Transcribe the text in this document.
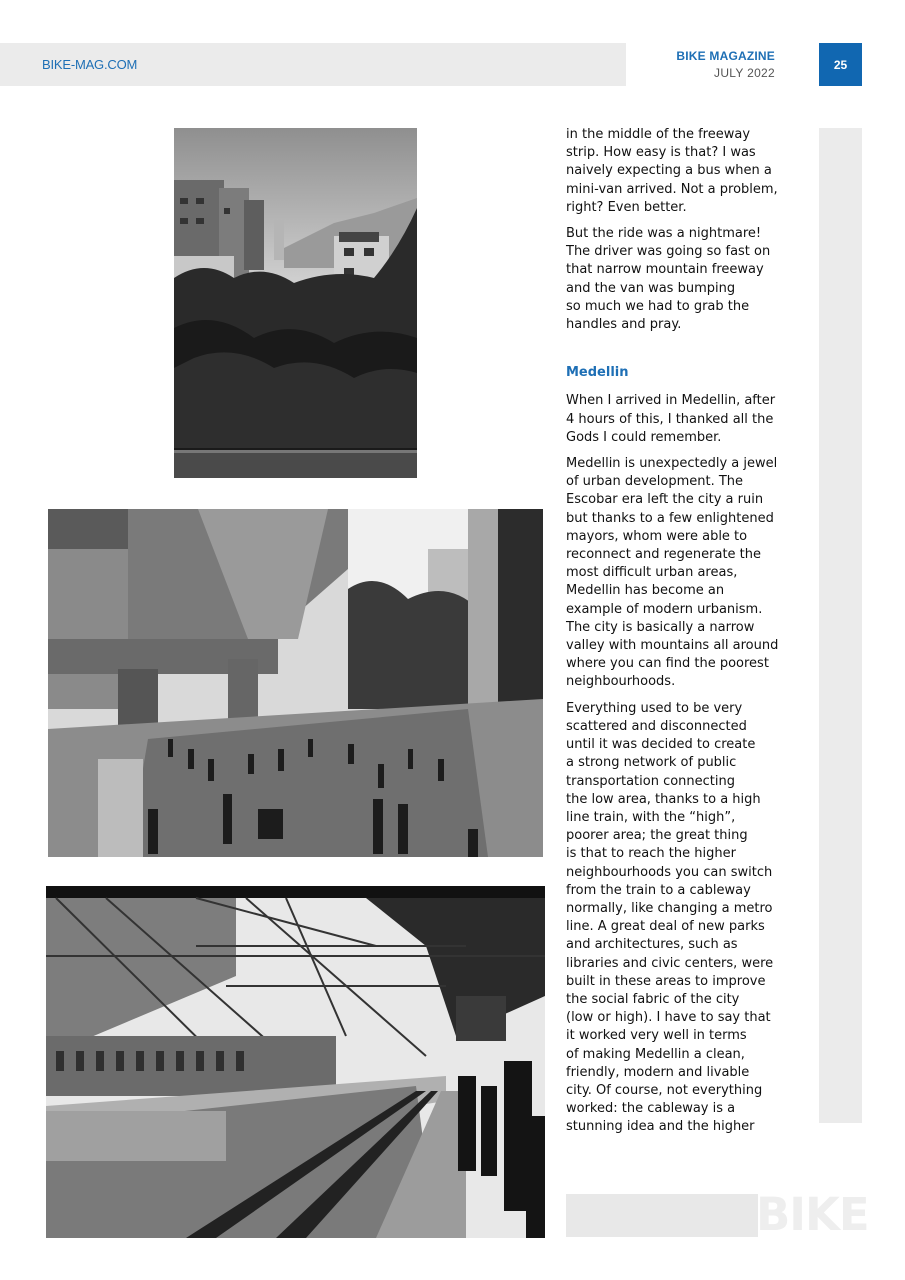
BIKE-MAG.COM
BIKE MAGAZINE
JULY 2022
25

in the middle of the freeway
strip. How easy is that? I was
naively expecting a bus when a
mini-van arrived. Not a problem,
right? Even better.

But the ride was a nightmare!
The driver was going so fast on
that narrow mountain freeway
and the van was bumping
so much we had to grab the
handles and pray.

Medellin

When I arrived in Medellin, after
4 hours of this, I thanked all the
Gods I could remember.

Medellin is unexpectedly a jewel
of urban development. The
Escobar era left the city a ruin
but thanks to a few enlightened
mayors, whom were able to
reconnect and regenerate the
most difficult urban areas,
Medellin has become an
example of modern urbanism.
The city is basically a narrow
valley with mountains all around
where you can find the poorest
neighbourhoods.

Everything used to be very
scattered and disconnected
until it was decided to create
a strong network of public
transportation connecting
the low area, thanks to a high
line train, with the “high”,
poorer area; the great thing
is that to reach the higher
neighbourhoods you can switch
from the train to a cableway
normally, like changing a metro
line. A great deal of new parks
and architectures, such as
libraries and civic centers, were
built in these areas to improve
the social fabric of the city
(low or high). I have to say that
it worked very well in terms
of making Medellin a clean,
friendly, modern and livable
city. Of course, not everything
worked: the cableway is a
stunning idea and the higher

BIKE
